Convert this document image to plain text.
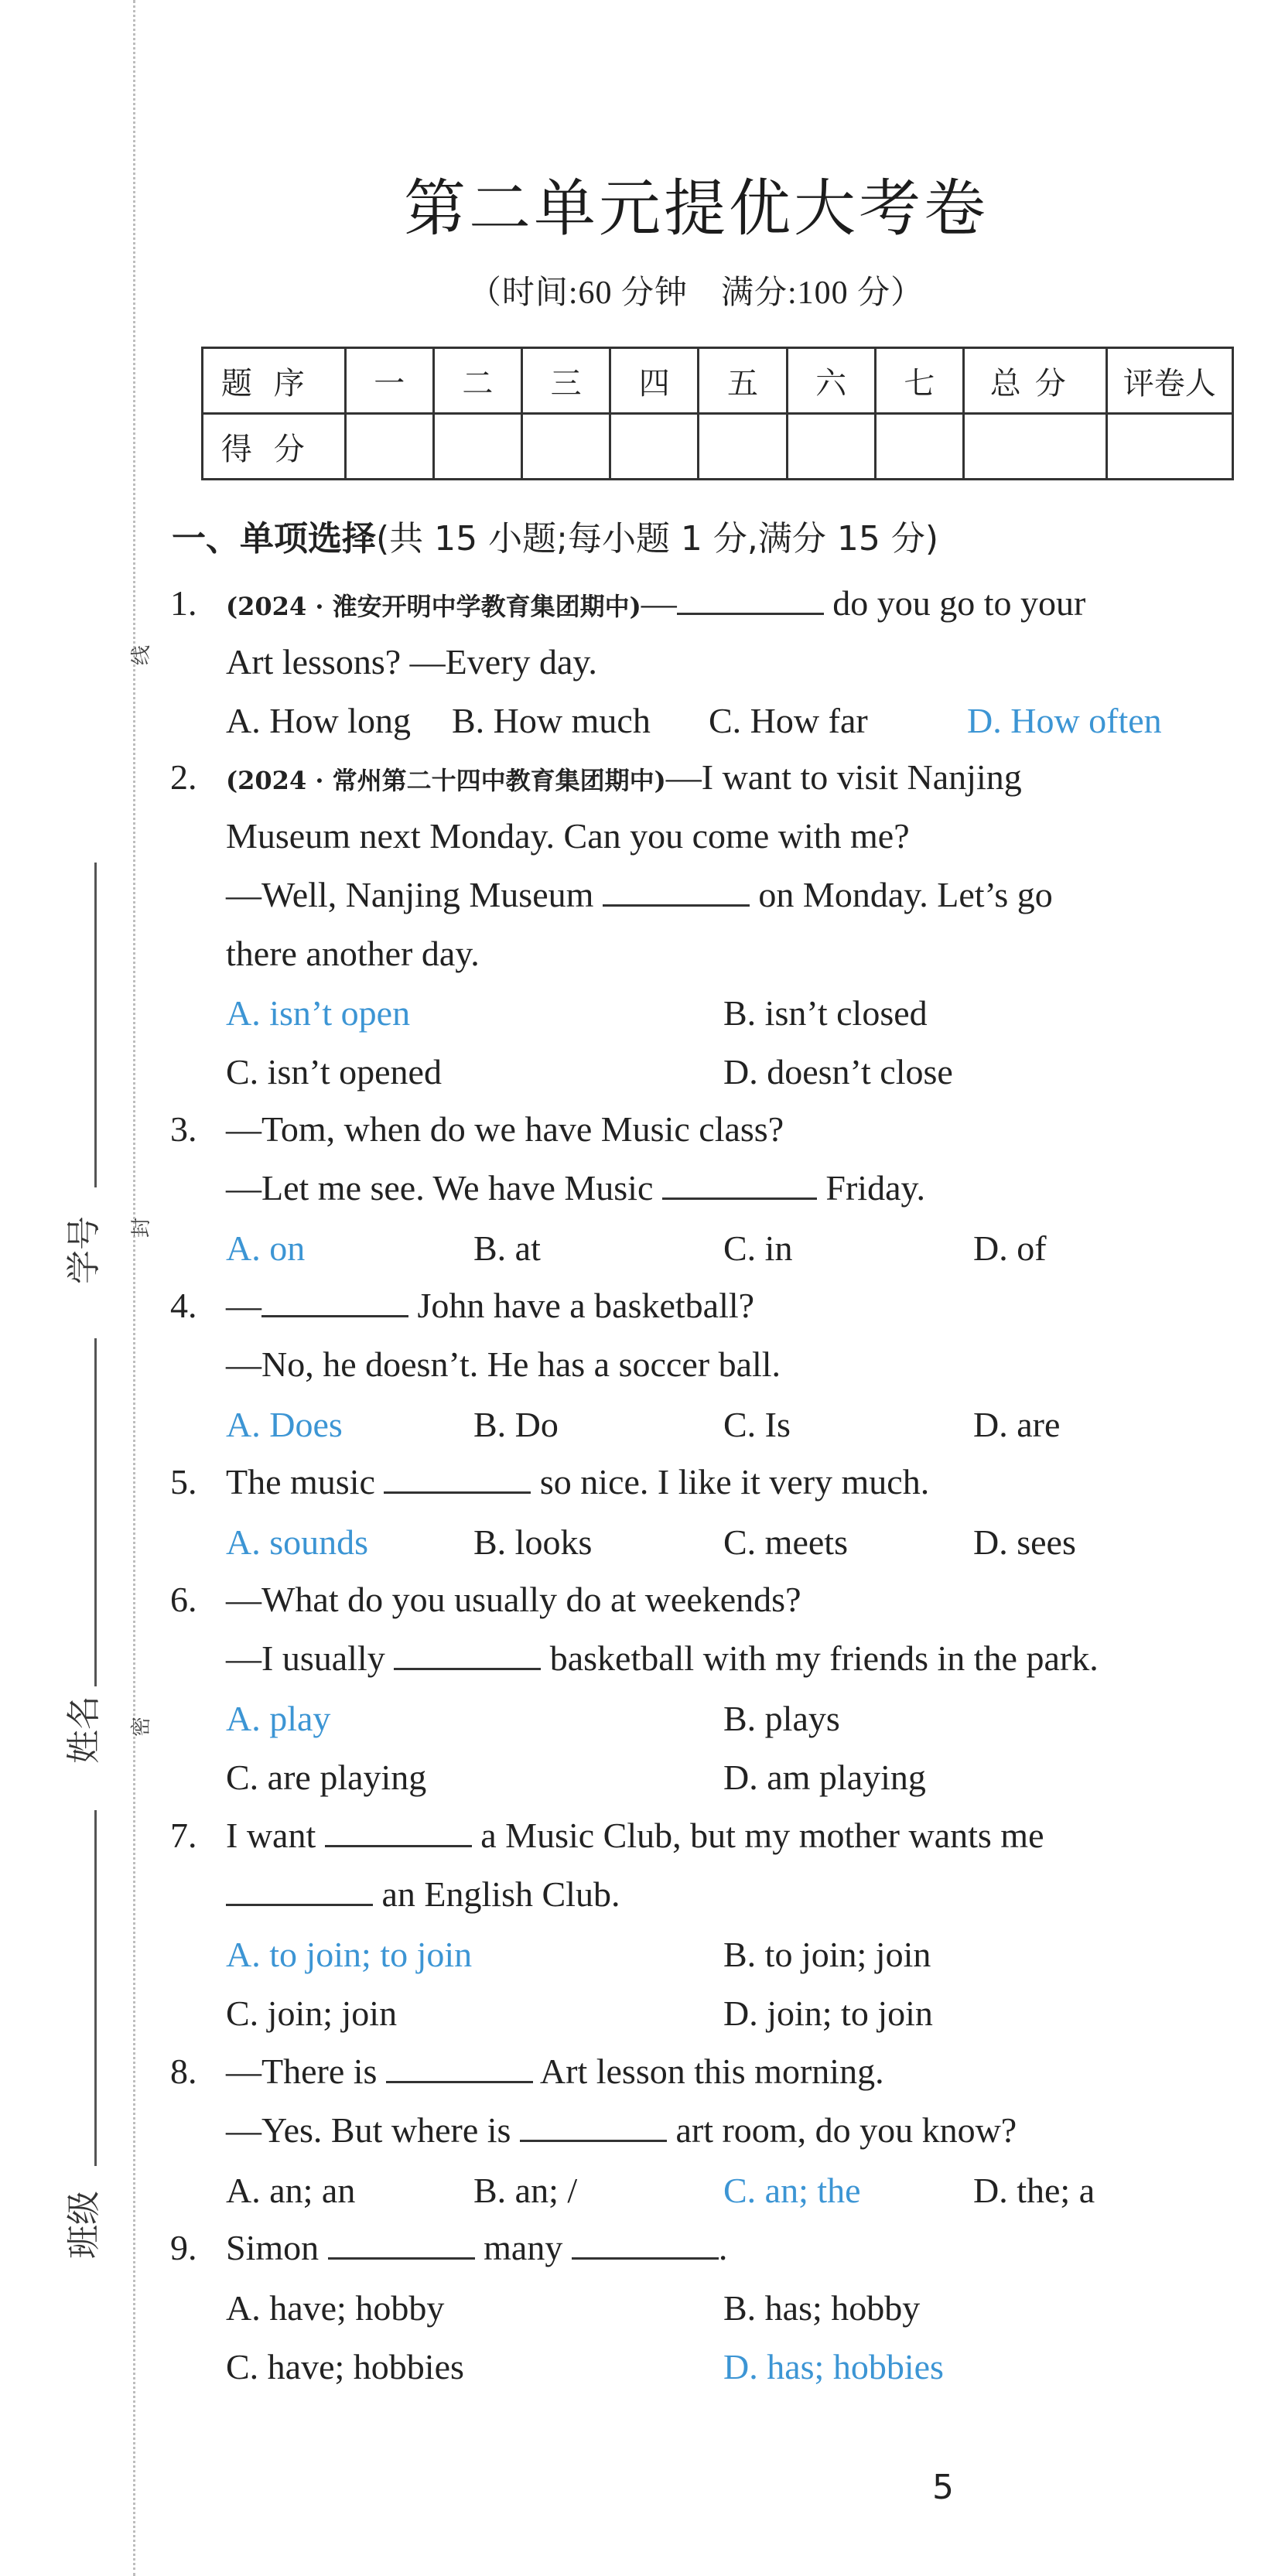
学号
姓名
班级
线
封
密
第二单元提优大考卷
（时间:60 分钟　满分:100 分）
题序	一	二	三	四	五	六	七	总分	评卷人
得分									
一、单项选择(共 15 小题;每小题 1 分,满分 15 分)
1. (2024 · 淮安开明中学教育集团期中)—	do you go to your
Art lessons? —Every day.
A. How long B. How much C. How far	D. How often
2. (2024 · 常州第二十四中教育集团期中)—I want to visit Nanjing
Museum next Monday. Can you come with me?
—Well, Nanjing Museum	on Monday. Let’s go
there another day.
A. isn’t open	B. isn’t closed
C. isn’t opened	D. doesn’t close
3. —Tom, when do we have Music class?
—Let me see. We have Music	Friday.
A. on	B. at	C. in	D. of
4. —	John have a basketball?
—No, he doesn’t. He has a soccer ball.
A. Does	B. Do	C. Is	D. are
5. The music	so nice. I like it very much.
A. sounds	B. looks	C. meets	D. sees
6. —What do you usually do at weekends?
—I usually	basketball with my friends in the park.
A. play	B. plays
C. are playing	D. am playing
7. I want	a Music Club, but my mother wants me
an English Club.
A. to join; to join	B. to join; join
C. join; join	D. join; to join
8. —There is	Art lesson this morning.
—Yes. But where is	art room, do you know?
A. an; an	B. an; /	C. an; the	D. the; a
9. Simon	many	.
A. have; hobby	B. has; hobby
C. have; hobbies	D. has; hobbies
5
